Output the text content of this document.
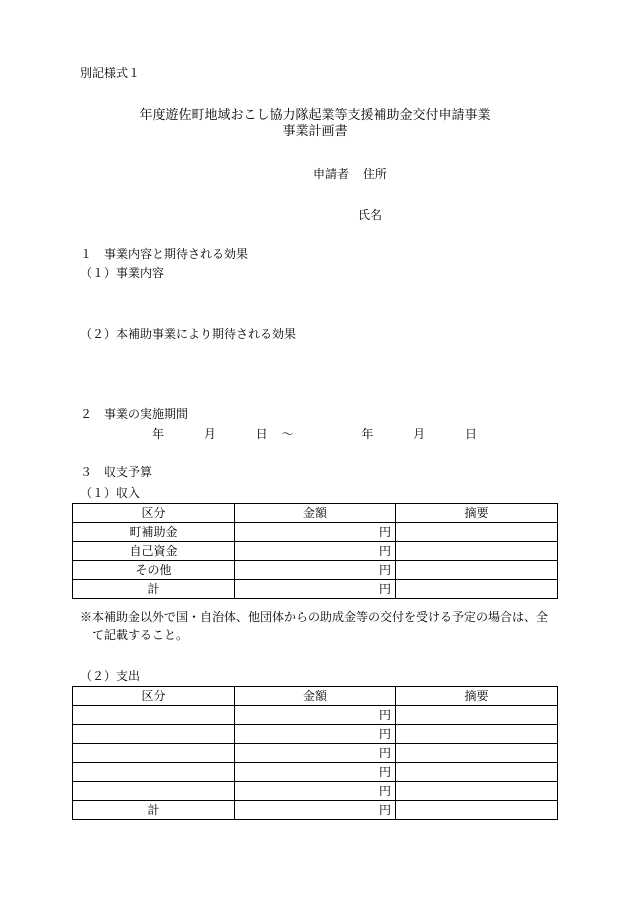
別記様式１
年度遊佐町地域おこし協力隊起業等支援補助金交付申請事業
事業計画書
申請者 住所
氏名
１　事業内容と期待される効果
（１）事業内容
（２）本補助事業により期待される効果
２　事業の実施期間
年	月	日 ～	年	月	日
３　収支予算
（１）収入
区分	金額	摘要
町補助金	円	
自己資金	円	
その他	円	
計	円	
※本補助金以外で国・自治体、他団体からの助成金等の交付を受ける予定の場合は、全
て記載すること。
（２）支出
区分	金額	摘要
	円	
	円	
	円	
	円	
	円	
計	円	
